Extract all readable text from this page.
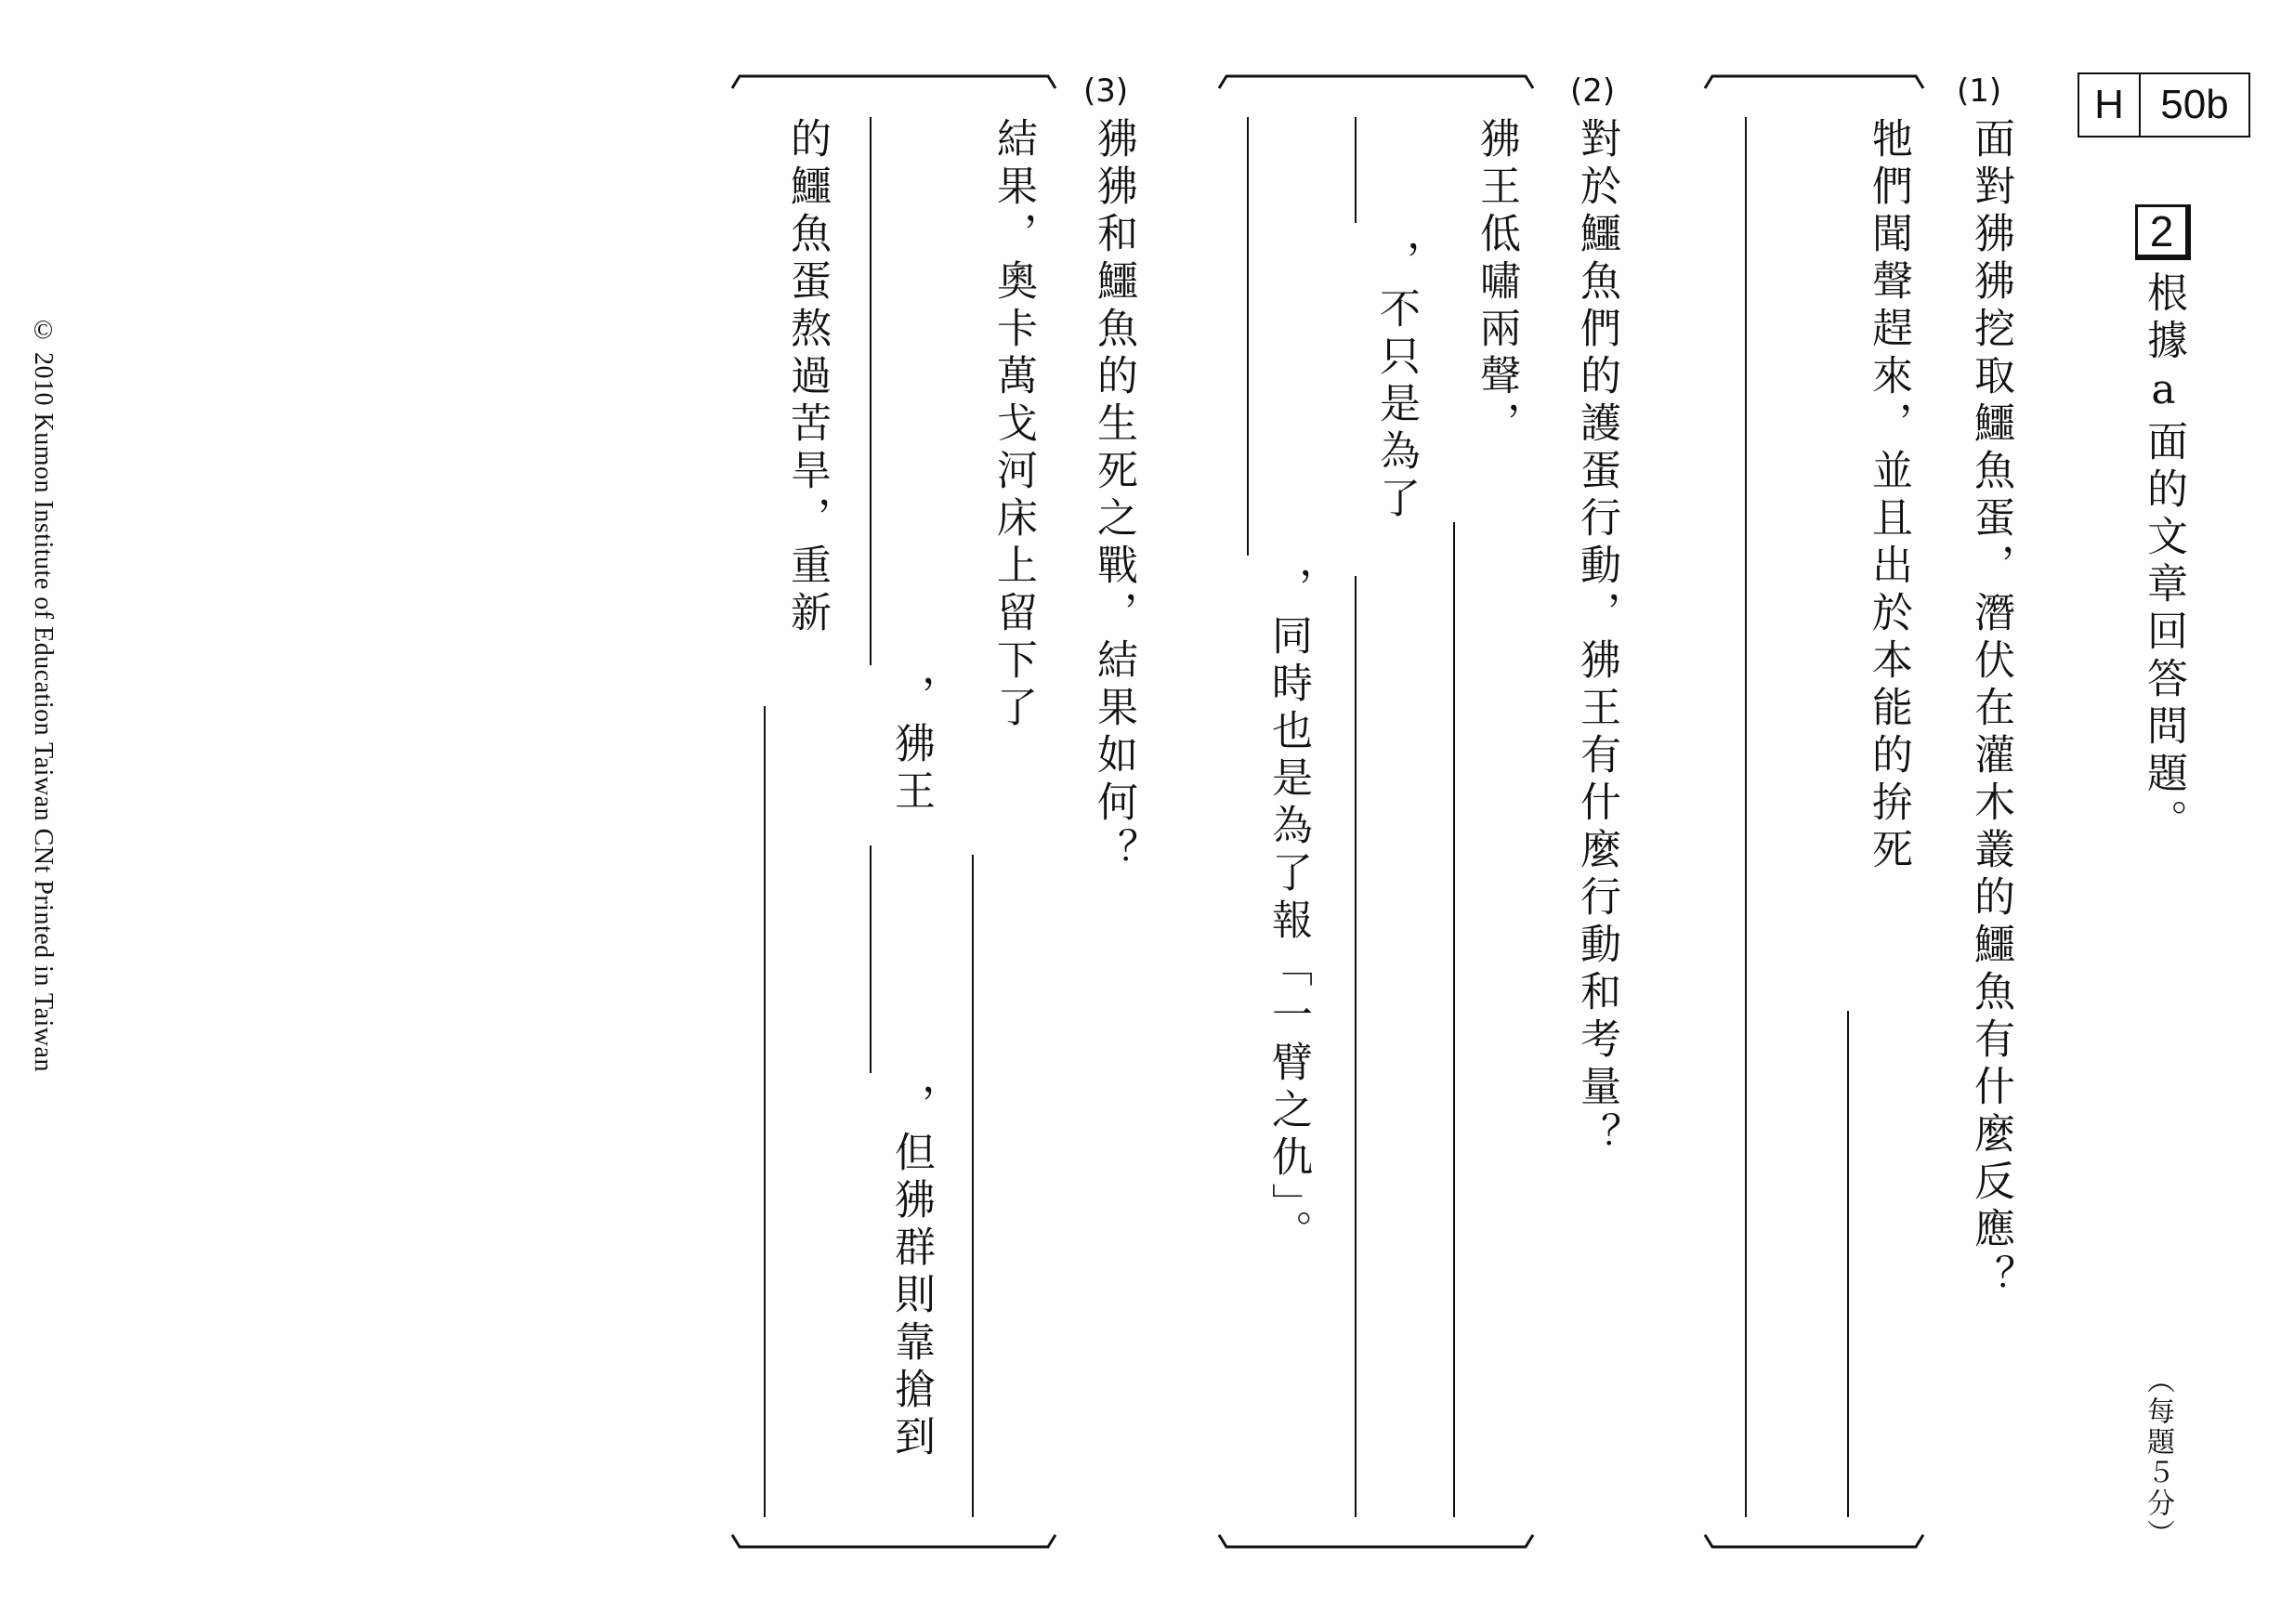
© 2010 Kumon Institute of Education Taiwan CNt Printed in Taiwan
H 50b
2
根據a面的文章回答問題。
（每題５分）
(1)
面對狒狒挖取鱷魚蛋，潛伏在灌木叢的鱷魚有什麼反應？
牠們聞聲趕來，並且出於本能的拚死
(2)
對於鱷魚們的護蛋行動，狒王有什麼行動和考量？
狒王低嘯兩聲，
，不只是為了
，同時也是為了報「一臂之仇」。
(3)
狒狒和鱷魚的生死之戰，結果如何？
結果，奧卡萬戈河床上留下了
，狒王
，但狒群則靠搶到
的鱷魚蛋熬過苦旱，重新
